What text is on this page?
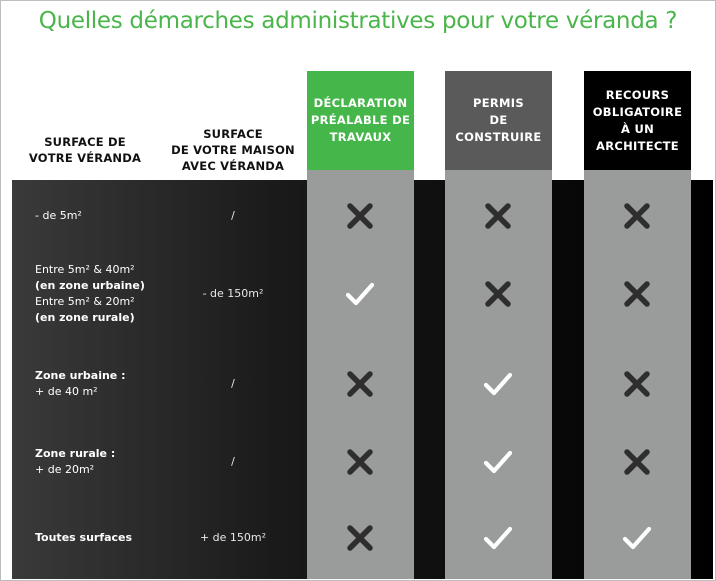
Quelles démarches administratives pour votre véranda ?
SURFACE DE
VOTRE VÉRANDA
SURFACE
DE VOTRE MAISON
AVEC VÉRANDA
DÉCLARATION
PRÉALABLE DE
TRAVAUX
PERMIS
DE
CONSTRUIRE
RECOURS
OBLIGATOIRE
À UN
ARCHITECTE
- de 5m²	/
Entre 5m² & 40m²
(en zone urbaine)
Entre 5m² & 20m²
(en zone rurale)
- de 150m²
Zone urbaine :
+ de 40 m²
/
Zone rurale :
+ de 20m²
/
Toutes surfaces	+ de 150m²
